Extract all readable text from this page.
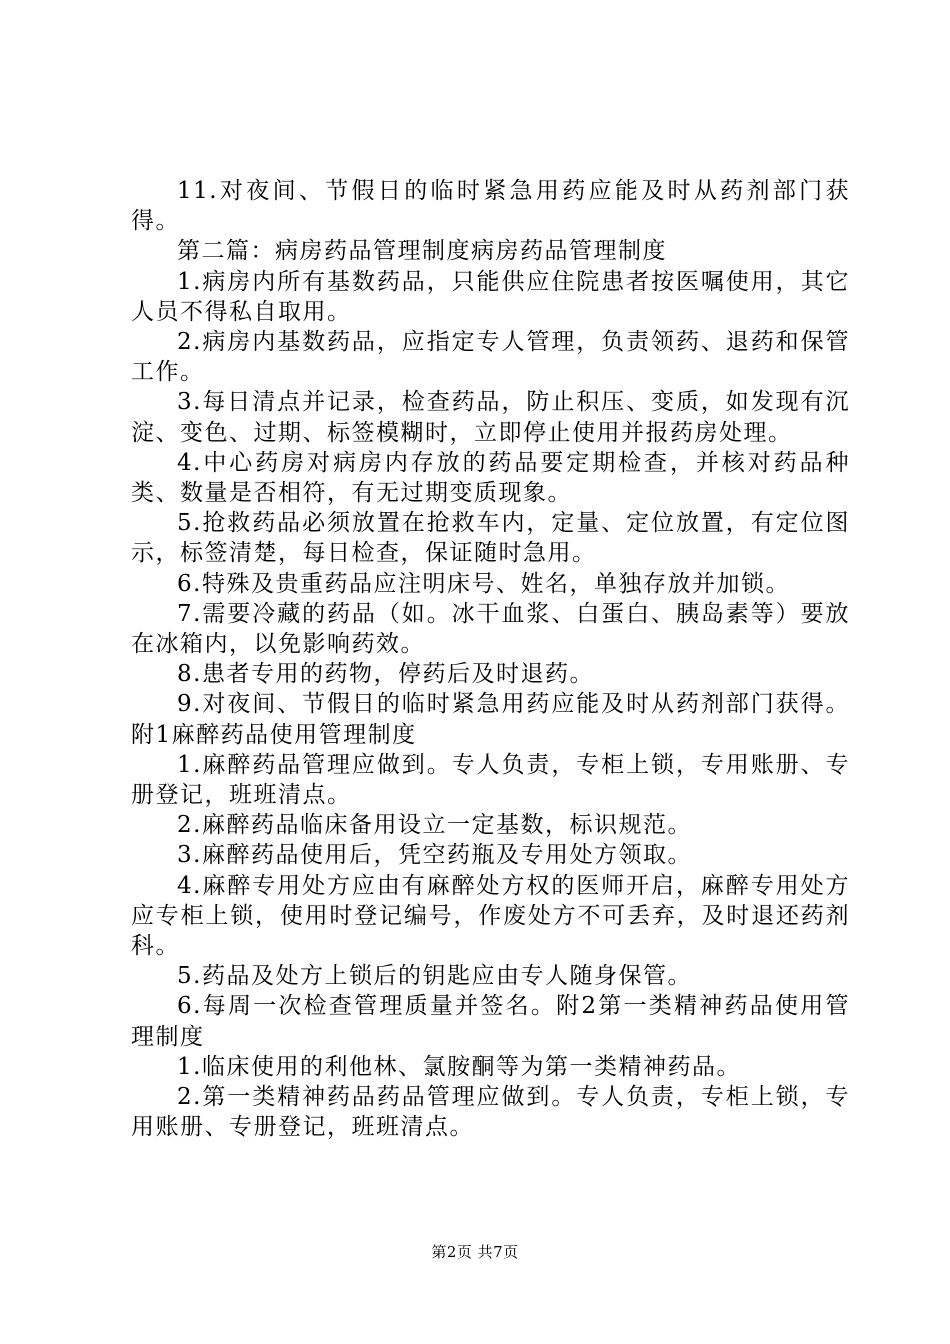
11.对夜间、节假日的临时紧急用药应能及时从药剂部门获得。

第二篇：病房药品管理制度病房药品管理制度

1.病房内所有基数药品，只能供应住院患者按医嘱使用，其它人员不得私自取用。

2.病房内基数药品，应指定专人管理，负责领药、退药和保管工作。

3.每日清点并记录，检查药品，防止积压、变质，如发现有沉淀、变色、过期、标签模糊时，立即停止使用并报药房处理。

4.中心药房对病房内存放的药品要定期检查，并核对药品种类、数量是否相符，有无过期变质现象。

5.抢救药品必须放置在抢救车内，定量、定位放置，有定位图示，标签清楚，每日检查，保证随时急用。

6.特殊及贵重药品应注明床号、姓名，单独存放并加锁。

7.需要冷藏的药品（如。冰干血浆、白蛋白、胰岛素等）要放在冰箱内，以免影响药效。

8.患者专用的药物，停药后及时退药。

9.对夜间、节假日的临时紧急用药应能及时从药剂部门获得。附1麻醉药品使用管理制度

1.麻醉药品管理应做到。专人负责，专柜上锁，专用账册、专册登记，班班清点。

2.麻醉药品临床备用设立一定基数，标识规范。

3.麻醉药品使用后，凭空药瓶及专用处方领取。

4.麻醉专用处方应由有麻醉处方权的医师开启，麻醉专用处方应专柜上锁，使用时登记编号，作废处方不可丢弃，及时退还药剂科。

5.药品及处方上锁后的钥匙应由专人随身保管。

6.每周一次检查管理质量并签名。附2第一类精神药品使用管理制度

1.临床使用的利他林、氯胺酮等为第一类精神药品。

2.第一类精神药品药品管理应做到。专人负责，专柜上锁，专用账册、专册登记，班班清点。

第2页 共7页
